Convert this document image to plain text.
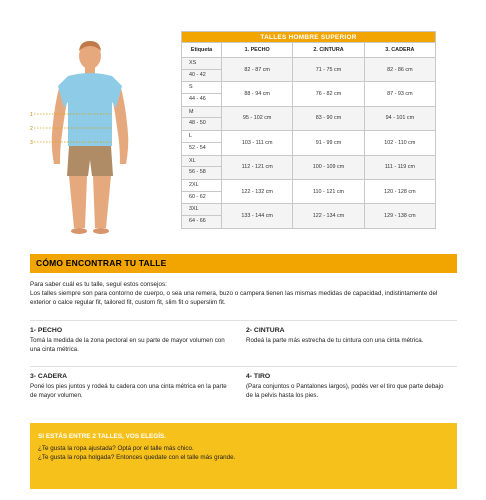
1
2
3
TALLES HOMBRE SUPERIOR			
Etiqueta	1. PECHO	2. CINTURA	3. CADERA

XS
40 - 42	82 - 87 cm	71 - 75 cm	82 - 86 cm

S
44 - 46	88 - 94 cm	76 - 82 cm	87 - 93 cm

M
48 - 50	95 - 102 cm	83 - 90 cm	94 - 101 cm

L
52 - 54	103 - 111 cm	91 - 99 cm	102 - 110 cm

XL
56 - 58	112 - 121 cm	100 - 109 cm	111 - 119 cm

2XL
60 - 62	122 - 132 cm	110 - 121 cm	120 - 128 cm

3XL
64 - 66	133 - 144 cm	122 - 134 cm	129 - 138 cm
CÓMO ENCONTRAR TU TALLE
Para saber cuál es tu talle, seguí estos consejos:
Los talles siempre son para contorno de cuerpo, o sea una remera, buzo o campera tienen las mismas medidas de capacidad, indistintamente del exterior o calce regular fit, tailored fit, custom fit, slim fit o superslim fit.
1- PECHO
Tomá la medida de la zona pectoral en su parte de mayor volumen con una cinta métrica.
2- CINTURA
Rodeá la parte más estrecha de tu cintura con una cinta métrica.
3- CADERA
Poné los pies juntos y rodeá tu cadera con una cinta métrica en la parte de mayor volumen.
4- TIRO
(Para conjuntos o Pantalones largos), podés ver el tiro que parte debajo de la pelvis hasta los pies.
SI ESTÁS ENTRE 2 TALLES, VOS ELEGÍS.
¿Te gusta la ropa ajustada? Optá por el talle más chico.
¿Te gusta la ropa holgada? Entonces quedate con el talle más grande.
